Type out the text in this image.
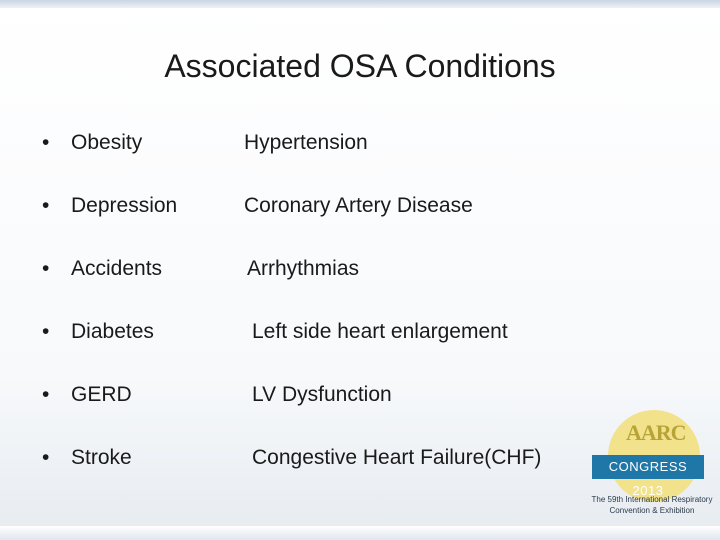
Associated OSA Conditions
• Obesity	Hypertension
• Depression	Coronary Artery Disease
• Accidents	Arrhythmias
• Diabetes	Left side heart enlargement
• GERD	LV Dysfunction
• Stroke	Congestive Heart Failure(CHF)
AARC
CONGRESS 2013
The 59th International Respiratory
Convention & Exhibition
